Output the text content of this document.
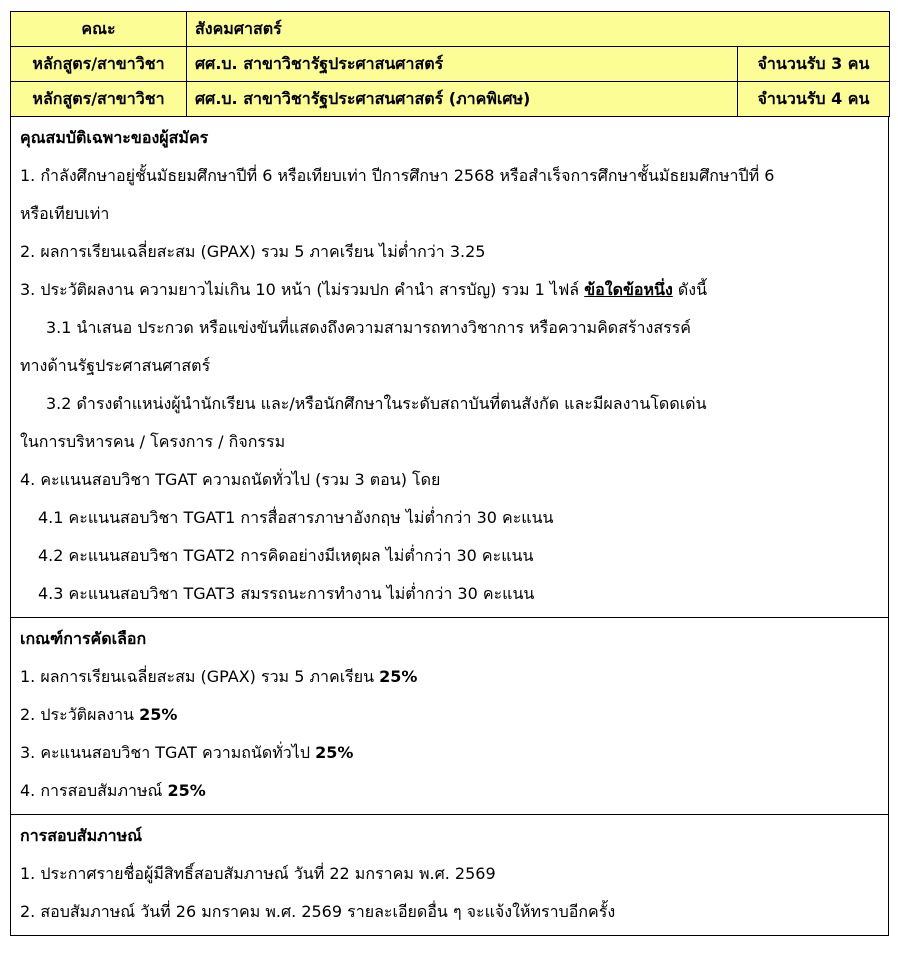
คณะ	สังคมศาสตร์	
หลักสูตร/สาขาวิชา	ศศ.บ. สาขาวิชารัฐประศาสนศาสตร์	จำนวนรับ 3 คน
หลักสูตร/สาขาวิชา	ศศ.บ. สาขาวิชารัฐประศาสนศาสตร์ (ภาคพิเศษ)	จำนวนรับ 4 คน
คุณสมบัติเฉพาะของผู้สมัคร
1. กำลังศึกษาอยู่ชั้นมัธยมศึกษาปีที่ 6 หรือเทียบเท่า ปีการศึกษา 2568 หรือสำเร็จการศึกษาชั้นมัธยมศึกษาปีที่ 6
หรือเทียบเท่า
2. ผลการเรียนเฉลี่ยสะสม (GPAX) รวม 5 ภาคเรียน ไม่ต่ำกว่า 3.25
3. ประวัติผลงาน ความยาวไม่เกิน 10 หน้า (ไม่รวมปก คำนำ สารบัญ) รวม 1 ไฟล์ ข้อใดข้อหนึ่ง ดังนี้
3.1 นำเสนอ ประกวด หรือแข่งขันที่แสดงถึงความสามารถทางวิชาการ หรือความคิดสร้างสรรค์
ทางด้านรัฐประศาสนศาสตร์
3.2 ดำรงตำแหน่งผู้นำนักเรียน และ/หรือนักศึกษาในระดับสถาบันที่ตนสังกัด และมีผลงานโดดเด่น
ในการบริหารคน / โครงการ / กิจกรรม
4. คะแนนสอบวิชา TGAT ความถนัดทั่วไป (รวม 3 ตอน) โดย
4.1 คะแนนสอบวิชา TGAT1 การสื่อสารภาษาอังกฤษ ไม่ต่ำกว่า 30 คะแนน
4.2 คะแนนสอบวิชา TGAT2 การคิดอย่างมีเหตุผล ไม่ต่ำกว่า 30 คะแนน
4.3 คะแนนสอบวิชา TGAT3 สมรรถนะการทำงาน ไม่ต่ำกว่า 30 คะแนน
เกณฑ์การคัดเลือก
1. ผลการเรียนเฉลี่ยสะสม (GPAX) รวม 5 ภาคเรียน 25%
2. ประวัติผลงาน 25%
3. คะแนนสอบวิชา TGAT ความถนัดทั่วไป 25%
4. การสอบสัมภาษณ์ 25%
การสอบสัมภาษณ์
1. ประกาศรายชื่อผู้มีสิทธิ์สอบสัมภาษณ์ วันที่ 22 มกราคม พ.ศ. 2569
2. สอบสัมภาษณ์ วันที่ 26 มกราคม พ.ศ. 2569 รายละเอียดอื่น ๆ จะแจ้งให้ทราบอีกครั้ง
